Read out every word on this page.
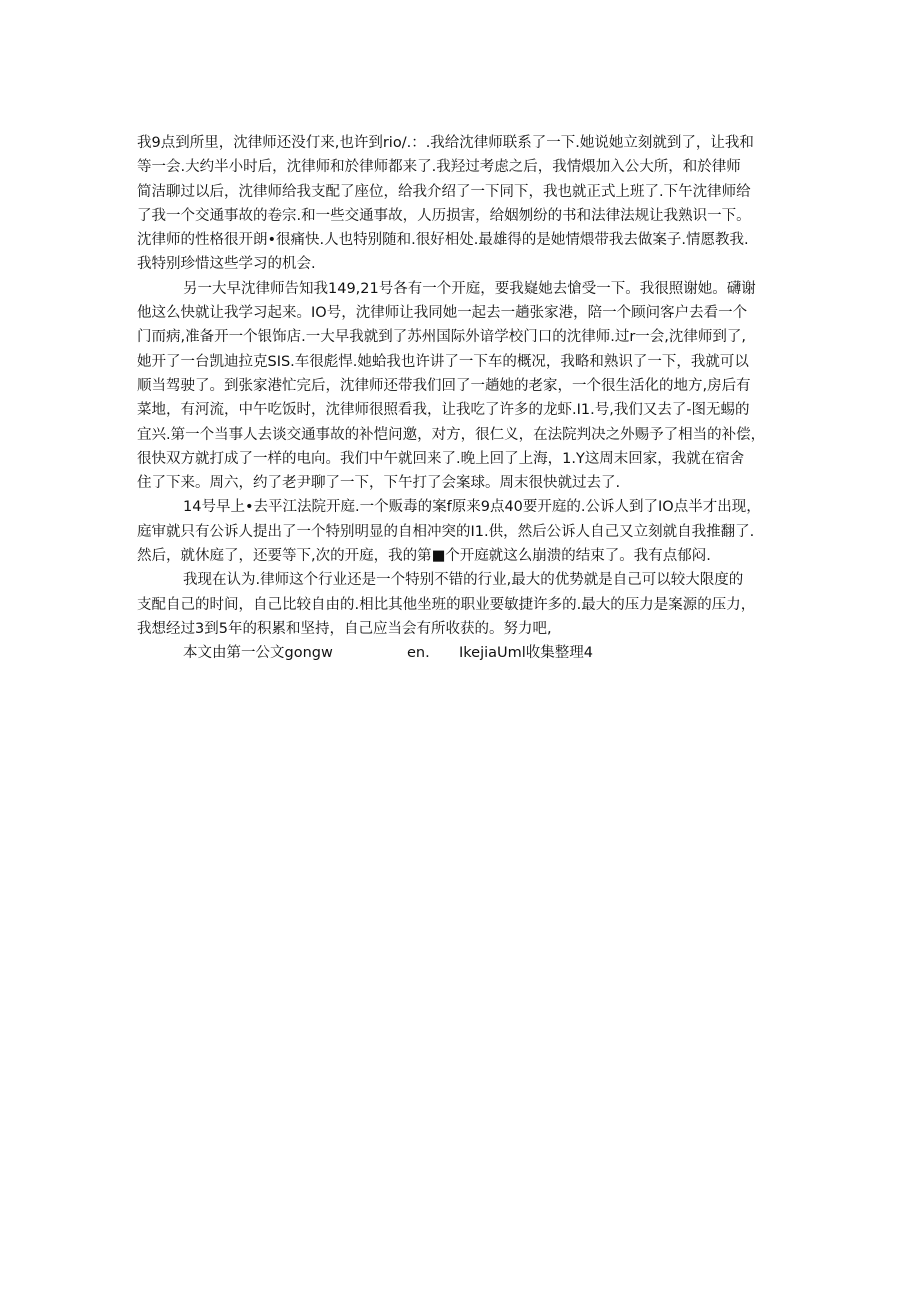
我9点到所里，沈律师还没仃来,也许到rio/.：.我给沈律师联系了一下.她说她立刻就到了，让我和
等一会.大约半小时后，沈律师和於律师都来了.我羟过考虑之后，我情煨加入公大所，和於律师
简洁聊过以后，沈律师给我支配了座位，给我介绍了一下同下，我也就正式上班了.下午沈律师给
了我一个交通事故的卷宗.和一些交通事故，人历损害，给姻刎纷的书和法律法规让我熟识一下。
沈律师的性格很开朗•很痛快.人也特别随和.很好相处.最雄得的是她情煨带我去做案子.情愿教我.
我特别珍惜这些学习的机会.
另一大早沈律师告知我149,21号各有一个开庭，要我嶷她去愴受一下。我很照谢她。礴谢
他这么快就让我学习起来。IO号，沈律师让我同她一起去一趟张家港，陪一个顾问客户去看一个
门而病,准备开一个银饰店.一大早我就到了苏州国际外谙学校门口的沈律师.过r一会,沈律师到了,
她开了一台凯迪拉克SIS.车很彪悍.她蛤我也许讲了一下车的概况，我略和熟识了一下，我就可以
顺当驾驶了。到张家港忙完后，沈律师还带我们回了一趟她的老家，一个很生活化的地方,房后有
菜地，有河流，中午吃饭时，沈律师很照看我，让我吃了许多的龙虾.I1.号,我们又去了-图无蜴的
宜兴.第一个当事人去谈交通事故的补恺问邀，对方，很仁义，在法院判决之外赐予了相当的补偿，
很快双方就打成了一样的电向。我们中午就回来了.晚上回了上海，1.Y这周末回家，我就在宿舍
住了下来。周六，约了老尹聊了一下，下午打了会案球。周末很快就过去了.
14号早上•去平江法院开庭.一个贩毒的案f原来9点40要开庭的.公诉人到了IO点半才出现，
庭审就只有公诉人提出了一个特别明显的自相冲突的I1.供，然后公诉人自己又立刻就自我推翻了.
然后，就休庭了，还要等下,次的开庭，我的第■个开庭就这么崩溃的结束了。我有点郁闷.
我现在认为.律师这个行业还是一个特别不错的行业,最大的优势就是自己可以较大限度的
支配自己的时间，自己比较自由的.相比其他坐班的职业要敏捷许多的.最大的压力是案源的压力，
我想经过3到5年的积累和坚持，自己应当会有所收获的。努力吧,
本文由第一公文gongw	en.	IkejiaUml收集整理4
